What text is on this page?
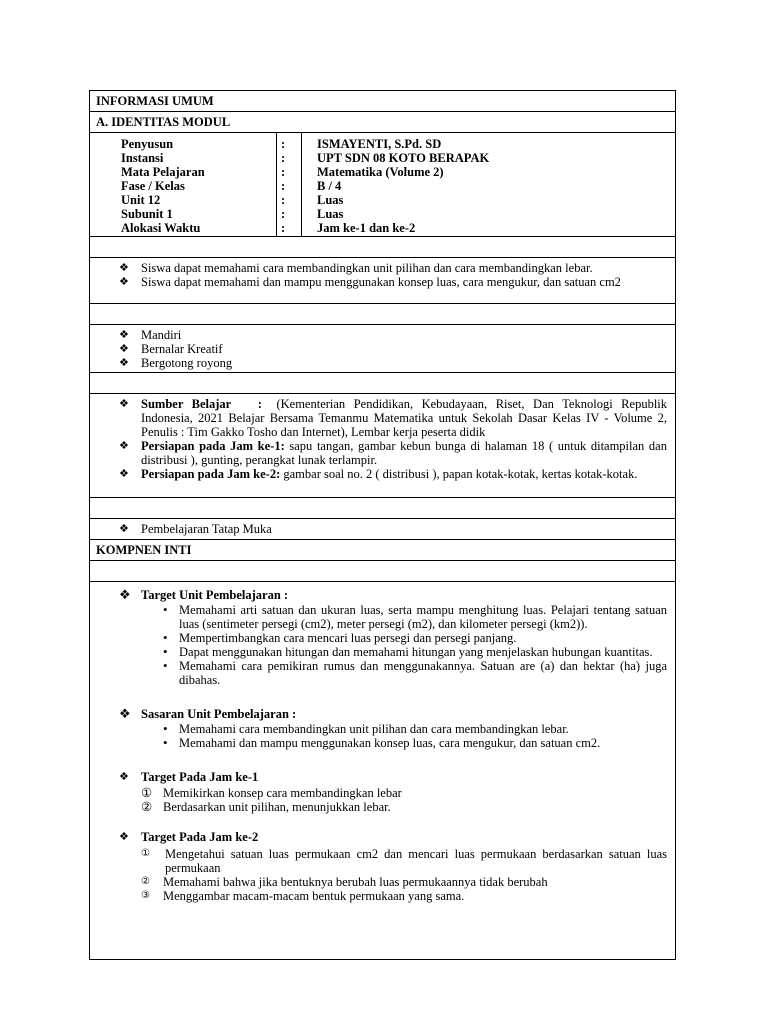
INFORMASI UMUM
A. IDENTITAS MODUL
Penyusun	:	ISMAYENTI, S.Pd. SD
Instansi	:	UPT SDN 08 KOTO BERAPAK
Mata Pelajaran	:	Matematika (Volume 2)
Fase / Kelas	:	B / 4
Unit 12	:	Luas
Subunit 1	:	Luas
Alokasi Waktu	:	Jam ke-1 dan ke-2
❖ Siswa dapat memahami cara membandingkan unit pilihan dan cara membandingkan lebar.
❖ Siswa dapat memahami dan mampu menggunakan konsep luas, cara mengukur, dan satuan cm2
❖ Mandiri
❖ Bernalar Kreatif
❖ Bergotong royong
❖ Sumber Belajar : (Kementerian Pendidikan, Kebudayaan, Riset, Dan Teknologi Republik Indonesia, 2021 Belajar Bersama Temanmu Matematika untuk Sekolah Dasar Kelas IV - Volume 2, Penulis : Tim Gakko Tosho dan Internet), Lembar kerja peserta didik
❖ Persiapan pada Jam ke-1: sapu tangan, gambar kebun bunga di halaman 18 ( untuk ditampilan dan distribusi ), gunting, perangkat lunak terlampir.
❖ Persiapan pada Jam ke-2: gambar soal no. 2 ( distribusi ), papan kotak-kotak, kertas kotak-kotak.
❖ Pembelajaran Tatap Muka
KOMPNEN INTI
❖ Target Unit Pembelajaran :
• Memahami arti satuan dan ukuran luas, serta mampu menghitung luas. Pelajari tentang satuan luas (sentimeter persegi (cm2), meter persegi (m2), dan kilometer persegi (km2)).
• Mempertimbangkan cara mencari luas persegi dan persegi panjang.
• Dapat menggunakan hitungan dan memahami hitungan yang menjelaskan hubungan kuantitas.
• Memahami cara pemikiran rumus dan menggunakannya. Satuan are (a) dan hektar (ha) juga dibahas.
❖ Sasaran Unit Pembelajaran :
• Memahami cara membandingkan unit pilihan dan cara membandingkan lebar.
• Memahami dan mampu menggunakan konsep luas, cara mengukur, dan satuan cm2.
❖ Target Pada Jam ke-1
① Memikirkan konsep cara membandingkan lebar
② Berdasarkan unit pilihan, menunjukkan lebar.
❖ Target Pada Jam ke-2
① Mengetahui satuan luas permukaan cm2 dan mencari luas permukaan berdasarkan satuan luas permukaan
② Memahami bahwa jika bentuknya berubah luas permukaannya tidak berubah
③ Menggambar macam-macam bentuk permukaan yang sama.
